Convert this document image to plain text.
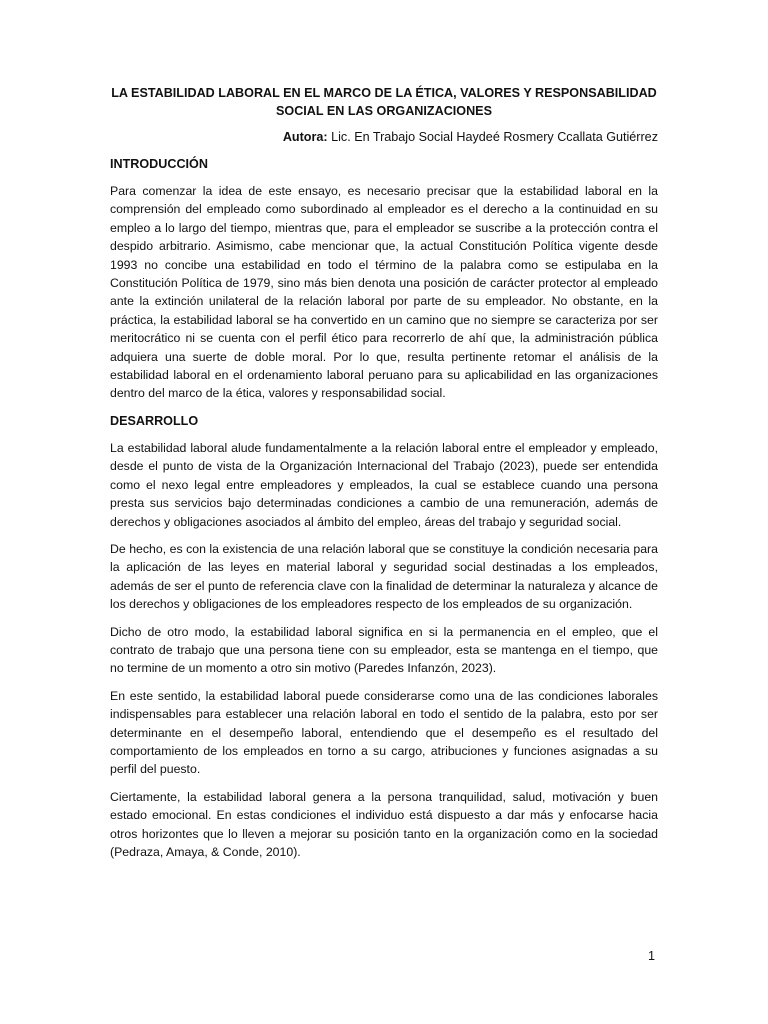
LA ESTABILIDAD LABORAL EN EL MARCO DE LA ÉTICA, VALORES Y RESPONSABILIDAD SOCIAL EN LAS ORGANIZACIONES
Autora: Lic. En Trabajo Social Haydeé Rosmery Ccallata Gutiérrez
INTRODUCCIÓN

Para comenzar la idea de este ensayo, es necesario precisar que la estabilidad laboral en la comprensión del empleado como subordinado al empleador es el derecho a la continuidad en su empleo a lo largo del tiempo, mientras que, para el empleador se suscribe a la protección contra el despido arbitrario. Asimismo, cabe mencionar que, la actual Constitución Política vigente desde 1993 no concibe una estabilidad en todo el término de la palabra como se estipulaba en la Constitución Política de 1979, sino más bien denota una posición de carácter protector al empleado ante la extinción unilateral de la relación laboral por parte de su empleador. No obstante, en la práctica, la estabilidad laboral se ha convertido en un camino que no siempre se caracteriza por ser meritocrático ni se cuenta con el perfil ético para recorrerlo de ahí que, la administración pública adquiera una suerte de doble moral. Por lo que, resulta pertinente retomar el análisis de la estabilidad laboral en el ordenamiento laboral peruano para su aplicabilidad en las organizaciones dentro del marco de la ética, valores y responsabilidad social.

DESARROLLO

La estabilidad laboral alude fundamentalmente a la relación laboral entre el empleador y empleado, desde el punto de vista de la Organización Internacional del Trabajo (2023), puede ser entendida como el nexo legal entre empleadores y empleados, la cual se establece cuando una persona presta sus servicios bajo determinadas condiciones a cambio de una remuneración, además de derechos y obligaciones asociados al ámbito del empleo, áreas del trabajo y seguridad social.

De hecho, es con la existencia de una relación laboral que se constituye la condición necesaria para la aplicación de las leyes en material laboral y seguridad social destinadas a los empleados, además de ser el punto de referencia clave con la finalidad de determinar la naturaleza y alcance de los derechos y obligaciones de los empleadores respecto de los empleados de su organización.

Dicho de otro modo, la estabilidad laboral significa en si la permanencia en el empleo, que el contrato de trabajo que una persona tiene con su empleador, esta se mantenga en el tiempo, que no termine de un momento a otro sin motivo (Paredes Infanzón, 2023).

En este sentido, la estabilidad laboral puede considerarse como una de las condiciones laborales indispensables para establecer una relación laboral en todo el sentido de la palabra, esto por ser determinante en el desempeño laboral, entendiendo que el desempeño es el resultado del comportamiento de los empleados en torno a su cargo, atribuciones y funciones asignadas a su perfil del puesto.

Ciertamente, la estabilidad laboral genera a la persona tranquilidad, salud, motivación y buen estado emocional. En estas condiciones el individuo está dispuesto a dar más y enfocarse hacia otros horizontes que lo lleven a mejorar su posición tanto en la organización como en la sociedad (Pedraza, Amaya, & Conde, 2010).

1
